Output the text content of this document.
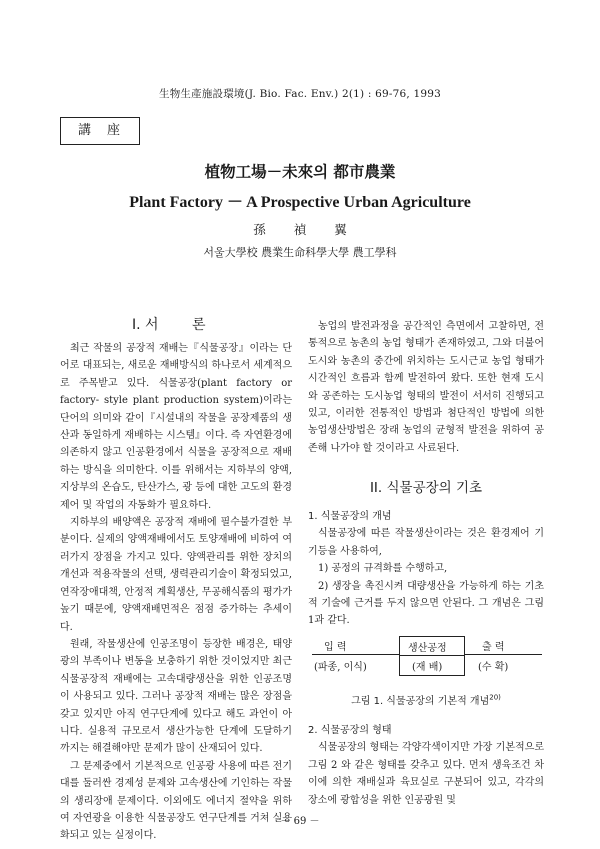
生物生產施設環境(J. Bio. Fac. Env.) 2(1) : 69-76, 1993
講座
植物工場－未來의 都市農業
Plant Factory － A Prospective Urban Agriculture
孫 禎 翼
서울大學校 農業生命科學大學 農工學科
I. 서 론

최근 작물의 공장적 재배는『식물공장』이라는 단어로 대표되는, 새로운 재배방식의 하나로서 세계적으로 주목받고 있다. 식물공장(plant factory or factory- style plant production system)이라는 단어의 의미와 같이『시설내의 작물을 공장제품의 생산과 동일하게 재배하는 시스템』이다. 즉 자연환경에 의존하지 않고 인공환경에서 식물을 공장적으로 재배하는 방식을 의미한다. 이를 위해서는 지하부의 양액, 지상부의 온습도, 탄산가스, 광 등에 대한 고도의 환경제어 및 작업의 자동화가 필요하다.

지하부의 배양액은 공장적 재배에 필수불가결한 부분이다. 실제의 양액재배에서도 토양재배에 비하여 여러가지 장점을 가지고 있다. 양액관리를 위한 장치의 개선과 적용작물의 선택, 생력관리기술이 확정되었고, 연작장애대책, 안정적 계획생산, 무공해식품의 평가가 높기 때문에, 양액재배면적은 점점 증가하는 추세이다.

원래, 작물생산에 인공조명이 등장한 배경은, 태양광의 부족이나 변동을 보충하기 위한 것이었지만 최근 식물공장적 재배에는 고속대량생산을 위한 인공조명이 사용되고 있다. 그러나 공장적 재배는 많은 장점을 갖고 있지만 아직 연구단계에 있다고 해도 과언이 아니다. 실용적 규모로서 생산가능한 단계에 도달하기 까지는 해결해야만 문제가 많이 산재되어 있다.

그 문제중에서 기본적으로 인공광 사용에 따른 전기대를 둘러싼 경제성 문제와 고속생산에 기인하는 작물의 생리장애 문제이다. 이외에도 에너지 절약을 위하여 자연광을 이용한 식물공장도 연구단계를 거쳐 실용화되고 있는 실정이다.

농업의 발전과정을 공간적인 측면에서 고찰하면, 전통적으로 농촌의 농업 형태가 존재하였고, 그와 더불어 도시와 농촌의 중간에 위치하는 도시근교 농업 형태가 시간적인 흐름과 함께 발전하여 왔다. 또한 현재 도시와 공존하는 도시농업 형태의 발전이 서서히 진행되고 있고, 이러한 전통적인 방법과 첨단적인 방법에 의한 농업생산방법은 장래 농업의 균형적 발전을 위하여 공존해 나가야 할 것이라고 사료된다.

II. 식물공장의 기초

1. 식물공장의 개념

식물공장에 따른 작물생산이라는 것은 환경제어 기기등을 사용하여,

1) 공정의 규격화를 수행하고,

2) 생장을 촉진시켜 대량생산을 가능하게 하는 기초적 기술에 근거를 두지 않으면 안된다. 그 개념은 그림1과 같다.

입 력
(파종, 이식)
생산공정
(재 배)
출 력
(수 확)
그림 1. 식물공장의 기본적 개념$^{20)}$

2. 식물공장의 형태

식물공장의 형태는 각양각색이지만 가장 기본적으로 그림 2 와 같은 형태를 갖추고 있다. 먼저 생육조건 차이에 의한 재배실과 육묘실로 구분되어 있고, 각각의 장소에 광합성을 위한 인공광원 및

－ 69 －
